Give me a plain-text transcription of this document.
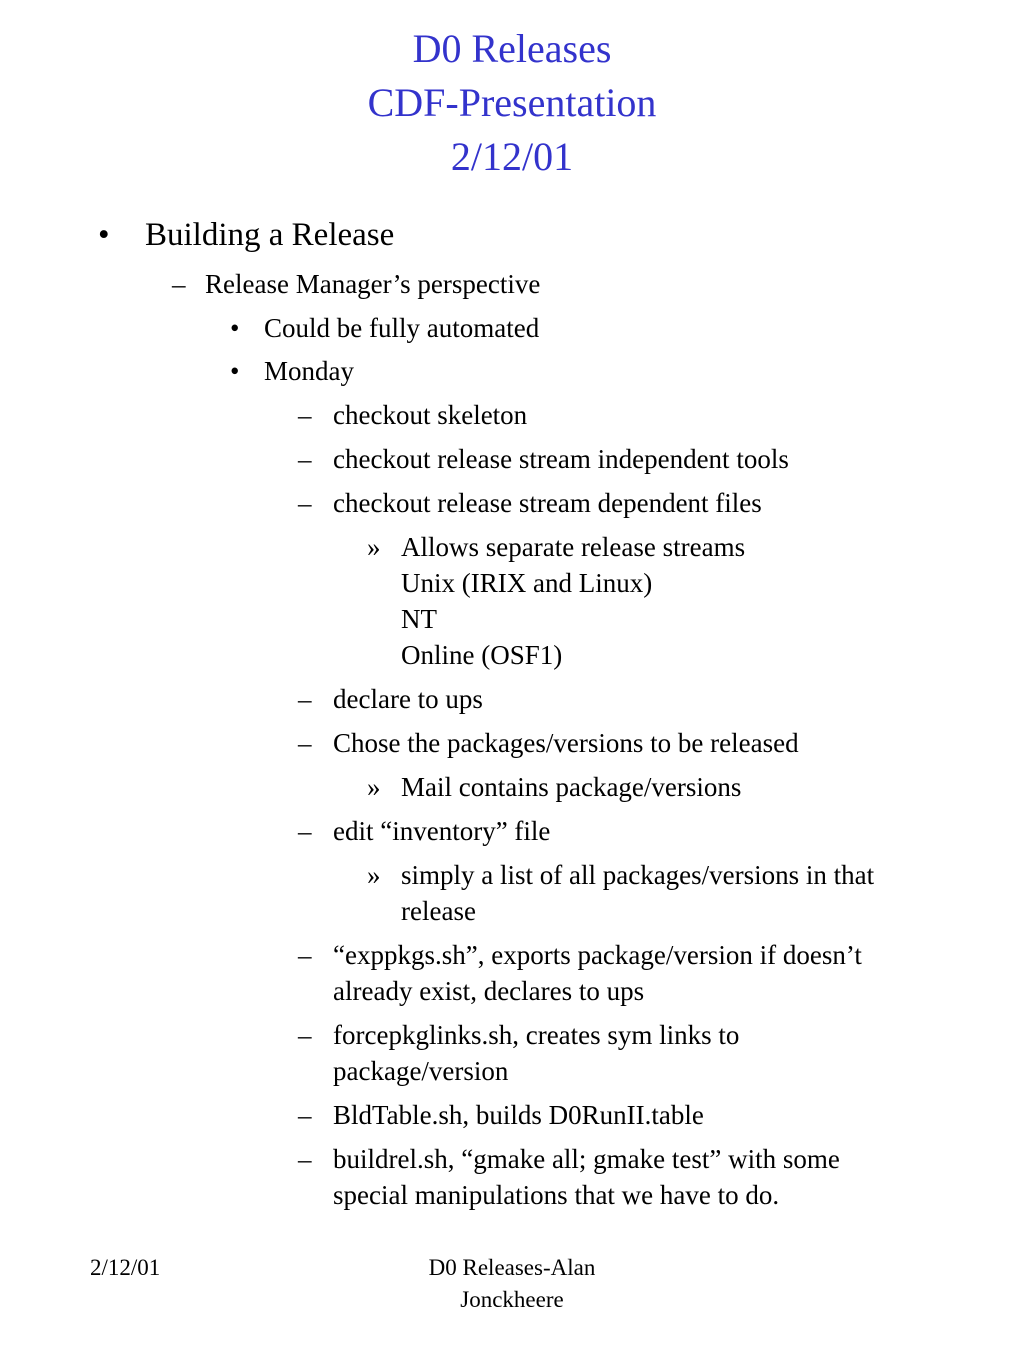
D0 Releases
CDF-Presentation
2/12/01
• Building a Release
– Release Manager’s perspective
• Could be fully automated
• Monday
– checkout skeleton
– checkout release stream independent tools
– checkout release stream dependent files
» Allows separate release streams
Unix (IRIX and Linux)
NT
Online (OSF1)
– declare to ups
– Chose the packages/versions to be released
» Mail contains package/versions
– edit “inventory” file
» simply a list of all packages/versions in that
release
– “exppkgs.sh”, exports package/version if doesn’t
already exist, declares to ups
– forcepkglinks.sh, creates sym links to
package/version
– BldTable.sh, builds D0RunII.table
– buildrel.sh, “gmake all; gmake test” with some
special manipulations that we have to do.
2/12/01	D0 Releases-Alan
Jonckheere
